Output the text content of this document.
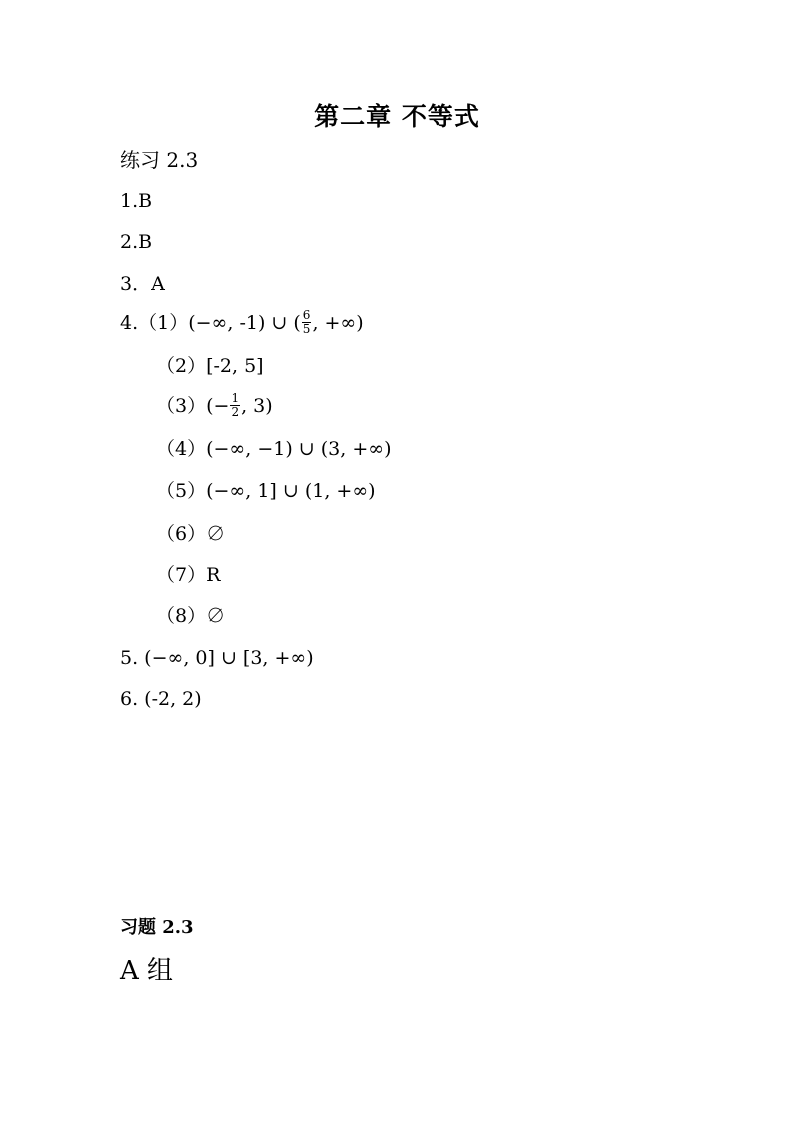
第二章 不等式
练习 2.3
1.B
2.B
3．A
4.（1）(−∞, -1) ∪ ( $\frac{6}{5}$ , +∞)
（2）[-2, 5]
$(3)(- \frac{1}{2}$ , 3)
（4）(−∞, −1) ∪ (3, +∞)
（5）(−∞, 1] ∪ (1, +∞)
（6）∅
（7）R
（8）∅
5. (−∞, 0] ∪ [3, +∞)
6. (-2, 2)
习题 2.3
A 组
